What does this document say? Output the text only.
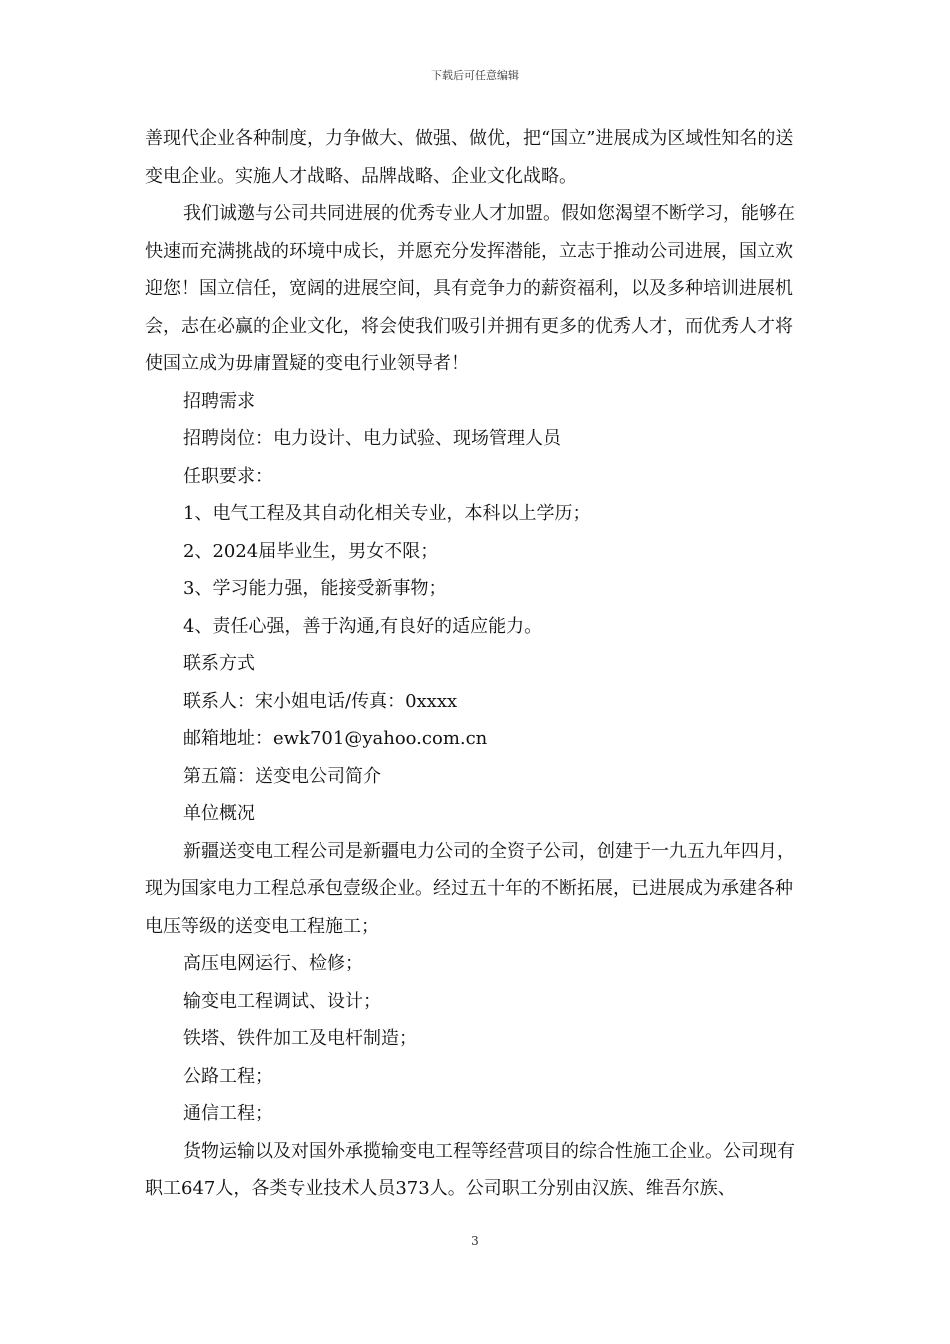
下载后可任意编辑

善现代企业各种制度，力争做大、做强、做优，把“国立”进展成为区域性知名的送变电企业。实施人才战略、品牌战略、企业文化战略。

我们诚邀与公司共同进展的优秀专业人才加盟。假如您渴望不断学习，能够在快速而充满挑战的环境中成长，并愿充分发挥潜能，立志于推动公司进展，国立欢迎您！国立信任，宽阔的进展空间，具有竞争力的薪资福利，以及多种培训进展机会，志在必赢的企业文化，将会使我们吸引并拥有更多的优秀人才，而优秀人才将使国立成为毋庸置疑的变电行业领导者！

招聘需求

招聘岗位：电力设计、电力试验、现场管理人员

任职要求：

1、电气工程及其自动化相关专业，本科以上学历；

2、2024届毕业生，男女不限；

3、学习能力强，能接受新事物；

4、责任心强，善于沟通,有良好的适应能力。

联系方式

联系人：宋小姐电话/传真：0xxxx

邮箱地址：ewk701@yahoo.com.cn

第五篇：送变电公司简介

单位概况

新疆送变电工程公司是新疆电力公司的全资子公司，创建于一九五九年四月，现为国家电力工程总承包壹级企业。经过五十年的不断拓展，已进展成为承建各种电压等级的送变电工程施工；

高压电网运行、检修；

输变电工程调试、设计；

铁塔、铁件加工及电杆制造；

公路工程；

通信工程；

货物运输以及对国外承揽输变电工程等经营项目的综合性施工企业。公司现有职工647人，各类专业技术人员373人。公司职工分别由汉族、维吾尔族、

3
